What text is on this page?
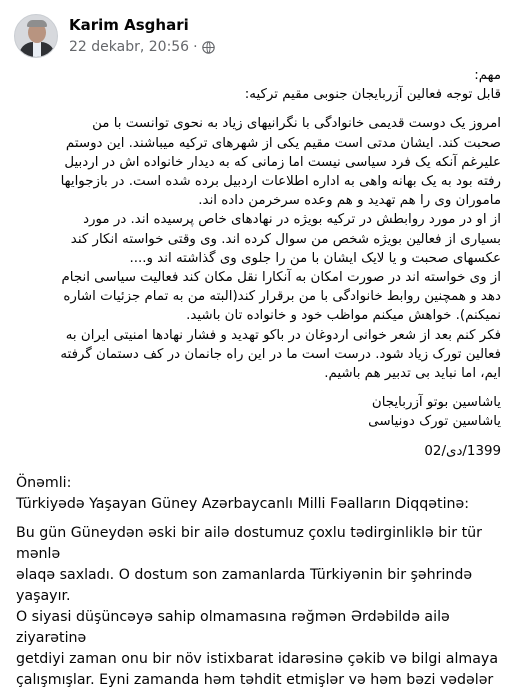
Karim Asghari
22 dekabr, 20:56 ·

مهم:

قابل توجه فعالین آزربایجان جنوبی مقیم ترکیه:

امروز یک دوست قدیمی خانوادگی با نگرانیهای زیاد به نحوی توانست با من

صحبت کند. ایشان مدتی است مقیم یکی از شهرهای ترکیه میباشند. این دوستم

علیرغم آنکه یک فرد سیاسی نیست اما زمانی که به دیدار خانواده اش در اردبیل

رفته بود به یک بهانه واهی به اداره اطلاعات اردبیل برده شده است. در بازجوایها

ماموران وی را هم تهدید و هم وعده سرخرمن داده اند.

از او در مورد روابطش در ترکیه بویژه در نهادهای خاص پرسیده اند. در مورد

بسیاری از فعالین بویژه شخص من سوال کرده اند. وی وقتی خواسته انکار کند

عکسهای صحبت و یا لایک ایشان با من را جلوی وی گذاشته اند و....

از وی خواسته اند در صورت امکان به آنکارا نقل مکان کند فعالیت سیاسی انجام

دهد و همچنین روابط خانوادگی با من برقرار کند(البته من به تمام جزئیات اشاره

نمیکنم). خواهش میکنم مواظب خود و خانواده تان باشید.

فکر کنم بعد از شعر خوانی اردوغان در باکو تهدید و فشار نهادها امنیتی ایران به

فعالین تورک زیاد شود. درست است ما در این راه جانمان در کف دستمان گرفته

ایم، اما نباید بی تدبیر هم باشیم.

یاشاسین بوتو آزربایجان

یاشاسین تورک دونیاسی

1399/دی/02

Önəmli:

Türkiyədə Yaşayan Güney Azərbaycanlı Milli Fəalların Diqqətinə:

Bu gün Güneydən əski bir ailə dostumuz çoxlu tədirginliklə bir tür mənlə

əlaqə saxladı. O dostum son zamanlarda Türkiyənin bir şəhrində yaşayır.

O siyasi düşüncəyə sahip olmamasına rəğmən Ərdəbildə ailə ziyarətinə

getdiyi zaman onu bir növ istixbarat idarəsinə çəkib və bilgi almaya

çalışmışlar. Eyni zamanda həm təhdit etmişlər və həm bəzi vədələr
